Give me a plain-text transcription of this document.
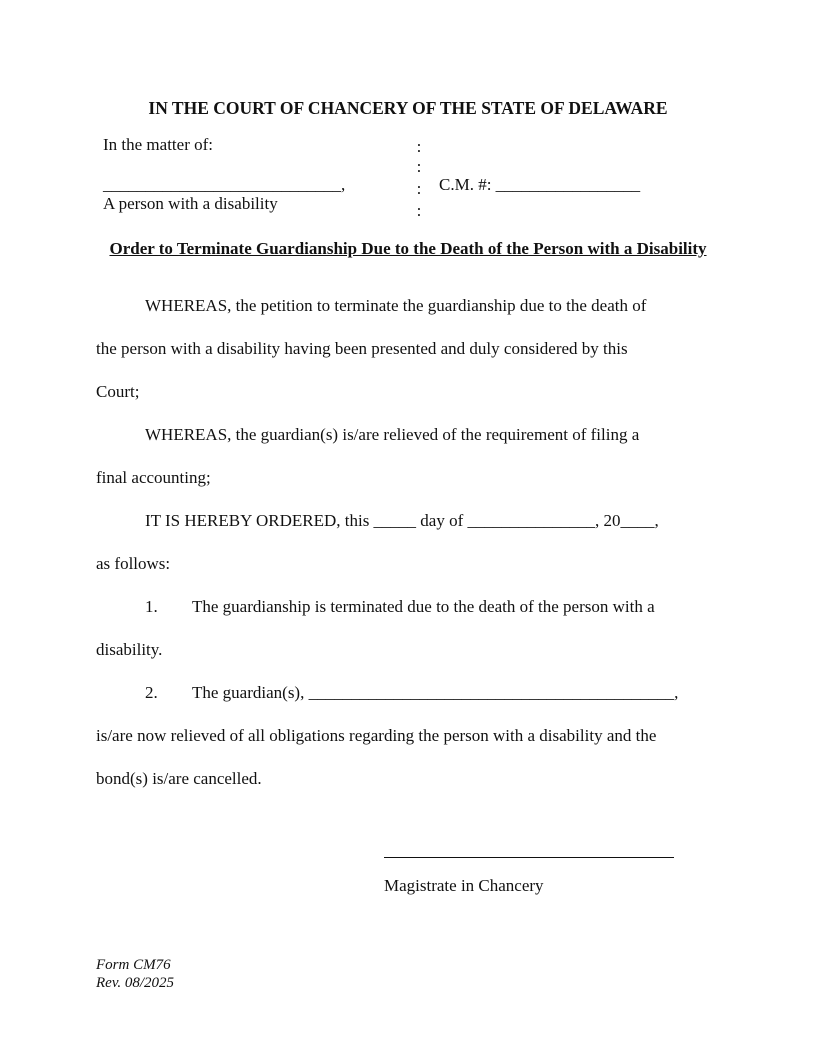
IN THE COURT OF CHANCERY OF THE STATE OF DELAWARE
In the matter of:
____________________________,
A person with a disability
:
:
:
:
C.M. #: _________________
Order to Terminate Guardianship Due to the Death of the Person with a Disability
WHEREAS, the petition to terminate the guardianship due to the death of
the person with a disability having been presented and duly considered by this
Court;
WHEREAS, the guardian(s) is/are relieved of the requirement of filing a
final accounting;
IT IS HEREBY ORDERED, this _____ day of _______________, 20____,
as follows:
1. The guardianship is terminated due to the death of the person with a
disability.
2. The guardian(s), ___________________________________________,
is/are now relieved of all obligations regarding the person with a disability and the
bond(s) is/are cancelled.
Magistrate in Chancery
Form CM76
Rev. 08/2025
